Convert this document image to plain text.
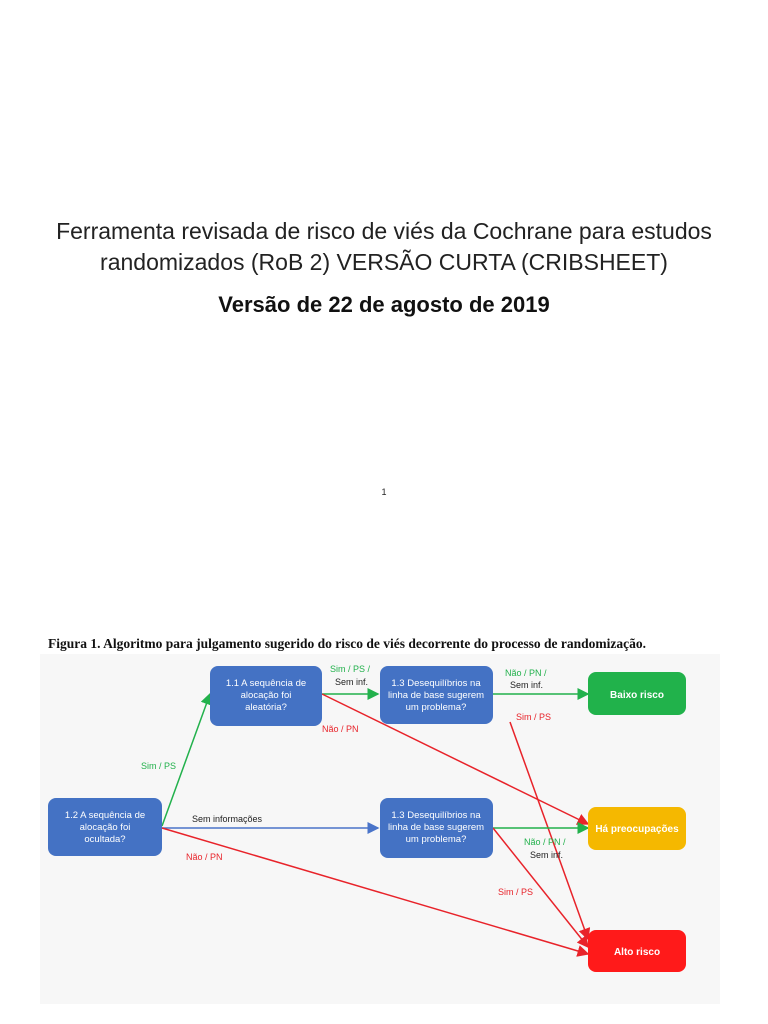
Ferramenta revisada de risco de viés da Cochrane para estudos
randomizados (RoB 2) VERSÃO CURTA (CRIBSHEET)
Versão de 22 de agosto de 2019
1
Figura 1. Algoritmo para julgamento sugerido do risco de viés decorrente do processo de randomização.
Sim / PS
Sim / PS /
Sem inf.
Não / PN /
Sem inf.
Sim / PS
Não / PN
Sem informações
Não / PN
Não / PN /
Sem inf.
Sim / PS
1.1 A sequência de
alocação foi
aleatória?
1.3 Desequilíbrios na
linha de base sugerem
um problema?
1.2 A sequência de
alocação foi
ocultada?
1.3 Desequilíbrios na
linha de base sugerem
um problema?
Baixo risco
Há preocupações
Alto risco
